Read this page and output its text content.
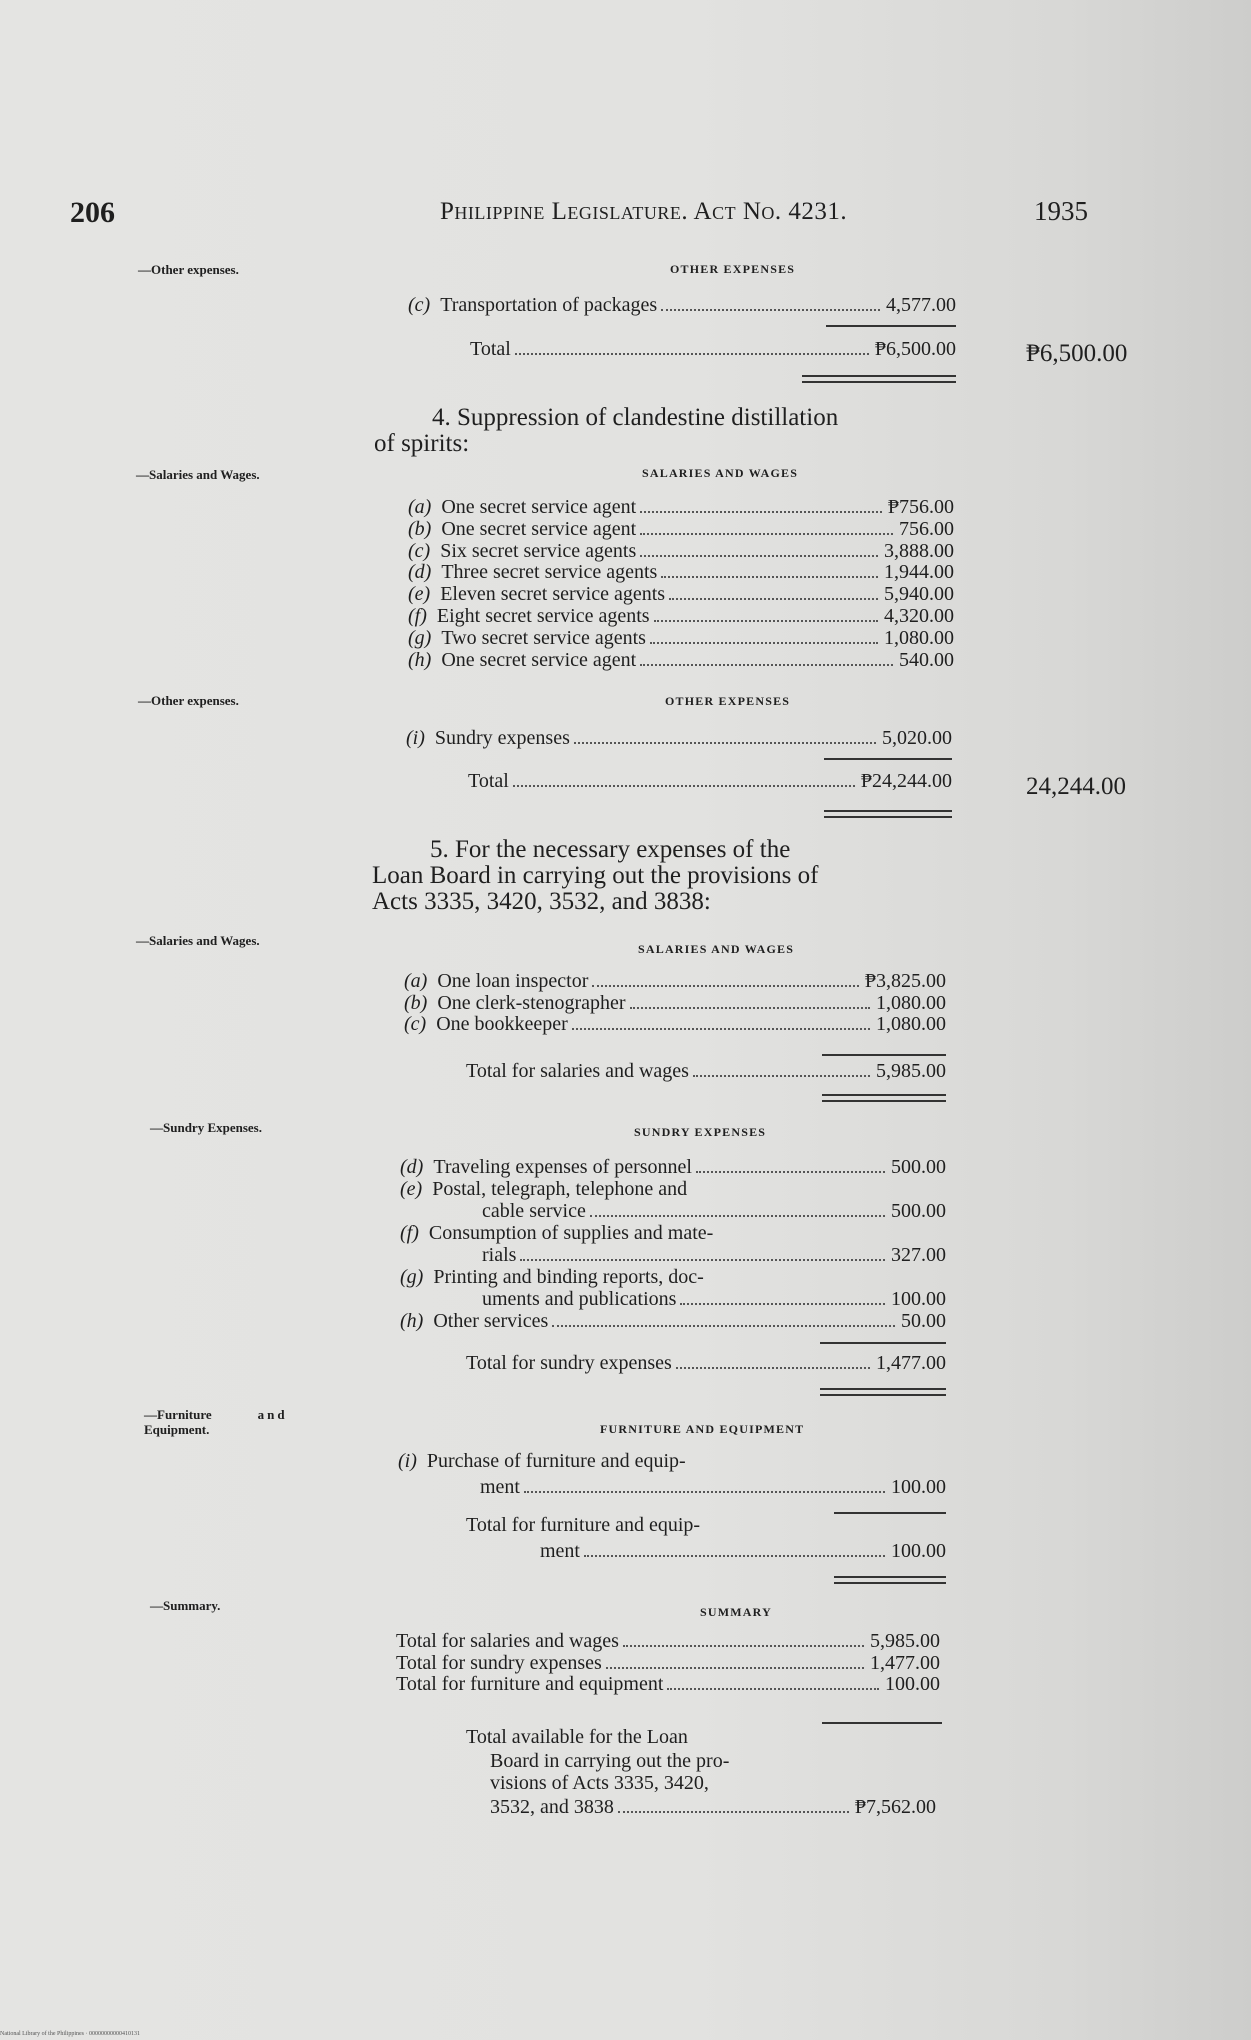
206	Philippine Legislature. Act No. 4231.	1935
—Other expenses.	OTHER EXPENSES
(c) Transportation of packages	4,577.00
Total	₱6,500.00	₱6,500.00
4. Suppression of clandestine distillation
of spirits:
—Salaries and Wages.	SALARIES AND WAGES
(a)  One secret service agent	₱756.00
(b)  One secret service agent	756.00
(c)  Six secret service agents	3,888.00
(d)  Three secret service agents	1,944.00
(e)  Eleven secret service agents	5,940.00
(f)  Eight secret service agents	4,320.00
(g)  Two secret service agents	1,080.00
(h)  One secret service agent	540.00
—Other expenses.	OTHER EXPENSES
(i) Sundry expenses	5,020.00
Total	₱24,244.00	24,244.00
5. For the necessary expenses of the
Loan Board in carrying out the provisions of
Acts 3335, 3420, 3532, and 3838:
—Salaries and Wages.
SALARIES AND WAGES
(a)  One loan inspector	₱3,825.00
(b)  One clerk-stenographer	1,080.00
(c)  One bookkeeper	1,080.00
Total for salaries and wages	5,985.00
—Sundry Expenses.	SUNDRY EXPENSES
(d) Traveling expenses of personnel	500.00
(e) Postal, telegraph, telephone and
cable service	500.00
(f) Consumption of supplies and mate-
rials	327.00
(g) Printing and binding reports, doc-
uments and publications	100.00
(h) Other services	50.00
Total for sundry expenses	1,477.00
—Furniture	and
Equipment.	FURNITURE AND EQUIPMENT
(i) Purchase of furniture and equip-
ment	100.00
Total for furniture and equip-
ment	100.00
—Summary.	SUMMARY
Total for salaries and wages	5,985.00
Total for sundry expenses	1,477.00
Total for furniture and equipment	100.00
Total available for the Loan
Board in carrying out the pro-
visions of Acts 3335, 3420,
3532, and 3838	₱7,562.00
National Library of the Philippines · 00000000000410131
